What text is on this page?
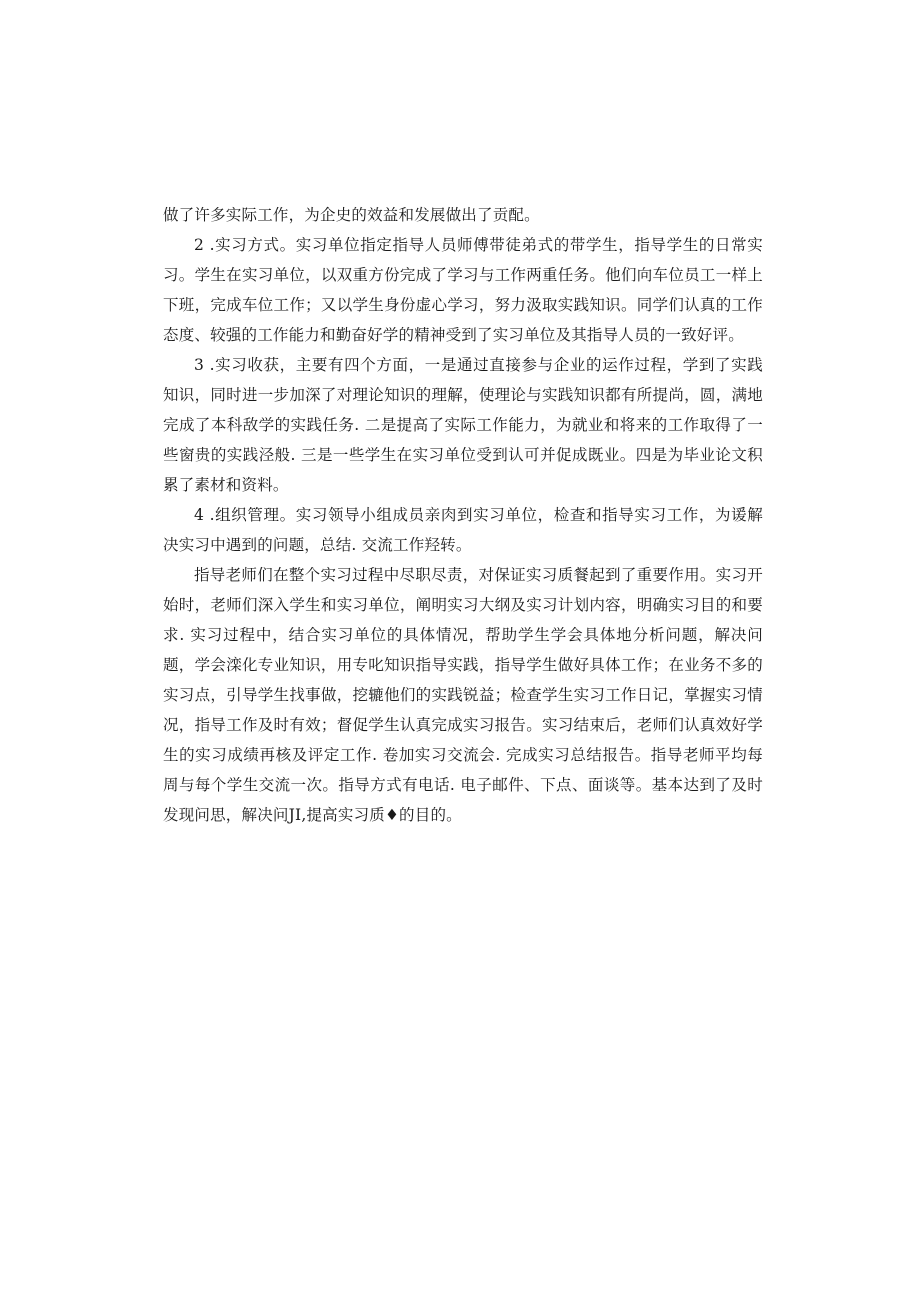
做了许多实际工作，为企史的效益和发展做出了贡配。

2 .实习方式。实习单位指定指导人员师傅带徒弟式的带学生，指导学生的日常实习。学生在实习单位，以双重方份完成了学习与工作两重任务。他们向车位员工一样上下班，完成车位工作；又以学生身份虚心学习，努力汲取实践知识。同学们认真的工作态度、较强的工作能力和勤奋好学的精神受到了实习单位及其指导人员的一致好评。

3 .实习收获，主要有四个方面，一是通过直接参与企业的运作过程，学到了实践知识，同时进一步加深了对理论知识的理解，使理论与实践知识都有所提尚，圆，满地完成了本科敌学的实践任务. 二是提高了实际工作能力，为就业和将来的工作取得了一些窗贵的实践泾般. 三是一些学生在实习单位受到认可并促成既业。四是为毕业论文积累了素材和资料。

4 .组织管理。实习领导小组成员亲肉到实习单位，检查和指导实习工作，为谖解决实习中遇到的问题，总结. 交流工作羟转。

指导老师们在整个实习过程中尽职尽责，对保证实习质餐起到了重要作用。实习开始时，老师们深入学生和实习单位，阐明实习大纲及实习计划内容，明确实习目的和要求. 实习过程中，结合实习单位的具体情况，帮助学生学会具体地分析问题，解决问题，学会滦化专业知识，用专叱知识指导实践，指导学生做好具体工作；在业务不多的实习点，引导学生找事做，挖辘他们的实践锐益；检查学生实习工作日记，掌握实习情况，指导工作及时有效；督促学生认真完成实习报告。实习结束后，老师们认真效好学生的实习成绩再核及评定工作. 卷加实习交流会. 完成实习总结报告。指导老师平均每周与每个学生交流一次。指导方式有电话. 电子邮件、下点、面谈等。基本达到了及时发现问思，解决问JI,提高实习质♦的目的。
